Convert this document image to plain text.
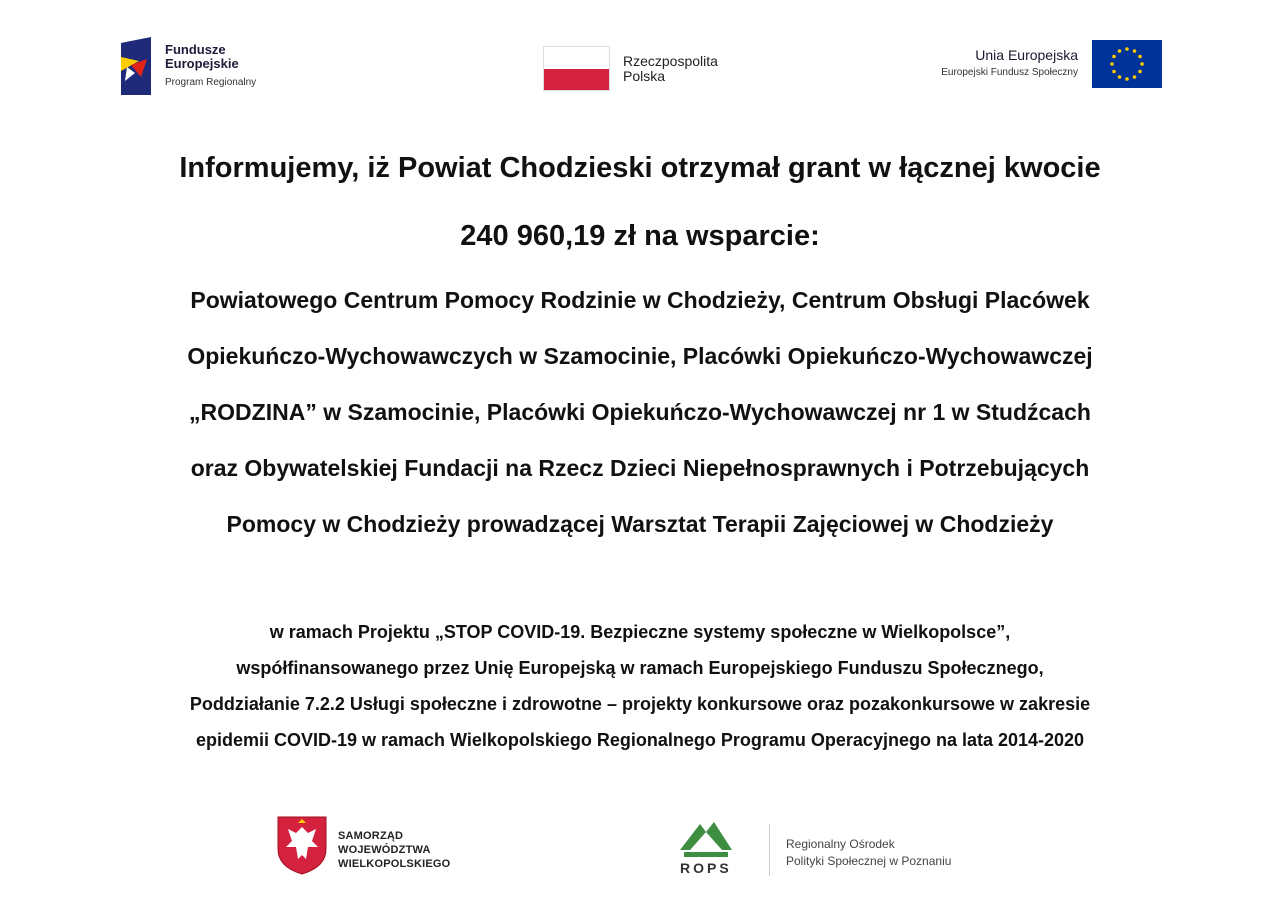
Fundusze
Europejskie
Program Regionalny
Rzeczpospolita
Polska
Unia Europejska
Europejski Fundusz Społeczny
Informujemy, iż Powiat Chodzieski otrzymał grant w łącznej kwocie
240 960,19 zł na wsparcie:
Powiatowego Centrum Pomocy Rodzinie w Chodzieży, Centrum Obsługi Placówek
Opiekuńczo-Wychowawczych w Szamocinie, Placówki Opiekuńczo-Wychowawczej
„RODZINA” w Szamocinie, Placówki Opiekuńczo-Wychowawczej nr 1 w Studźcach
oraz Obywatelskiej Fundacji na Rzecz Dzieci Niepełnosprawnych i Potrzebujących
Pomocy w Chodzieży prowadzącej Warsztat Terapii Zajęciowej w Chodzieży
w ramach Projektu „STOP COVID-19. Bezpieczne systemy społeczne w Wielkopolsce”,
współfinansowanego przez Unię Europejską w ramach Europejskiego Funduszu Społecznego,
Poddziałanie 7.2.2 Usługi społeczne i zdrowotne – projekty konkursowe oraz pozakonkursowe w zakresie
epidemii COVID-19 w ramach Wielkopolskiego Regionalnego Programu Operacyjnego na lata 2014-2020
SAMORZĄD WOJEWÓDZTWA
WIELKOPOLSKIEGO	ROPS
Regionalny Ośrodek
Polityki Społecznej w Poznaniu
